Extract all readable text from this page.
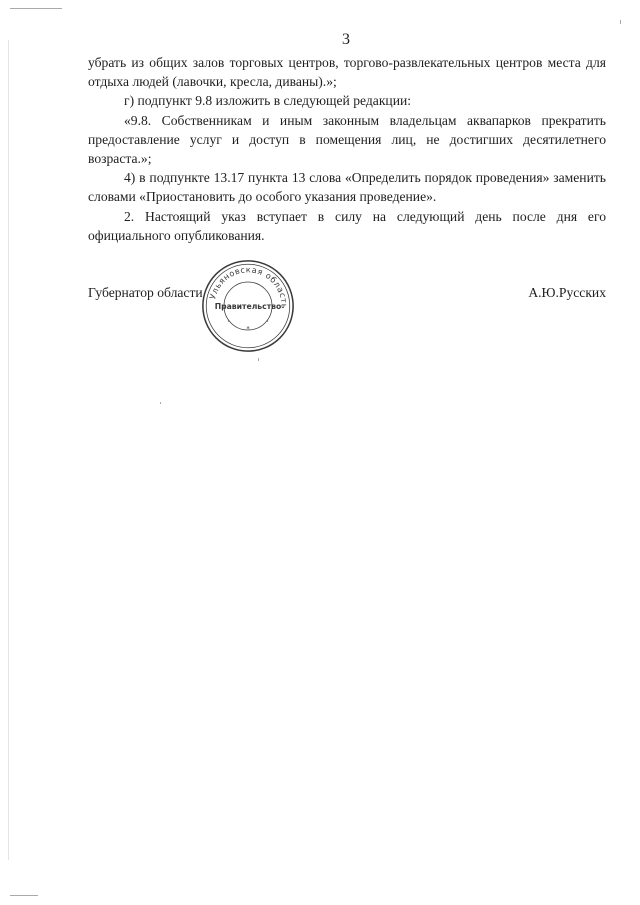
3

убрать из общих залов торговых центров, торгово-развлекательных центров места для отдыха людей (лавочки, кресла, диваны).»;

г) подпункт 9.8 изложить в следующей редакции:

«9.8. Собственникам и иным законным владельцам аквапарков прекратить предоставление услуг и доступ в помещения лиц, не достигших десятилетнего возраста.»;

4) в подпункте 13.17 пункта 13 слова «Определить порядок проведения» заменить словами «Приостановить до особого указания проведение».

2. Настоящий указ вступает в силу на следующий день после дня его официального опубликования.

Губернатор области	А.Ю.Русских
Ульяновская область
Правительство
*
*	*
